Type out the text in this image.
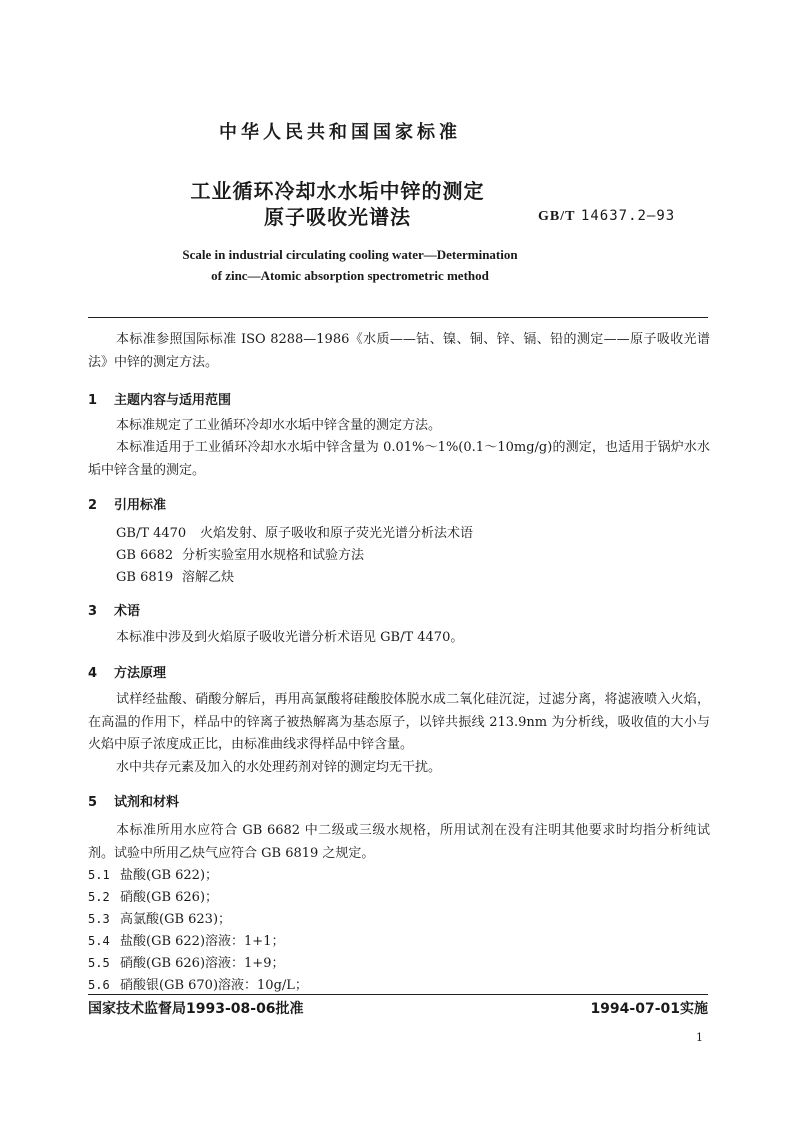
中华人民共和国国家标准
工业循环冷却水水垢中锌的测定
原子吸收光谱法	GB/T 14637.2—93
Scale in industrial circulating cooling water—Determination
of zinc—Atomic absorption spectrometric method
本标准参照国际标准 ISO 8288—1986《水质——钴、镍、铜、锌、镉、铅的测定——原子吸收光谱法》中锌的测定方法。
1 主题内容与适用范围
本标准规定了工业循环冷却水水垢中锌含量的测定方法。
本标准适用于工业循环冷却水水垢中锌含量为 0.01%～1%(0.1～10mg/g)的测定，也适用于锅炉水水垢中锌含量的测定。
2 引用标准
GB/T 4470 火焰发射、原子吸收和原子荧光光谱分析法术语
GB 6682 分析实验室用水规格和试验方法
GB 6819 溶解乙炔
3 术语
本标准中涉及到火焰原子吸收光谱分析术语见 GB/T 4470。
4 方法原理
试样经盐酸、硝酸分解后，再用高氯酸将硅酸胶体脱水成二氧化硅沉淀，过滤分离，将滤液喷入火焰，在高温的作用下，样品中的锌离子被热解离为基态原子，以锌共振线 213.9nm 为分析线，吸收值的大小与火焰中原子浓度成正比，由标准曲线求得样品中锌含量。
水中共存元素及加入的水处理药剂对锌的测定均无干扰。
5 试剂和材料
本标准所用水应符合 GB 6682 中二级或三级水规格，所用试剂在没有注明其他要求时均指分析纯试剂。试验中所用乙炔气应符合 GB 6819 之规定。
5.1 盐酸(GB 622)；
5.2 硝酸(GB 626)；
5.3 高氯酸(GB 623)；
5.4 盐酸(GB 622)溶液：1+1；
5.5 硝酸(GB 626)溶液：1+9；
5.6 硝酸银(GB 670)溶液：10g/L；
国家技术监督局1993-08-06批准	1994-07-01实施
1
